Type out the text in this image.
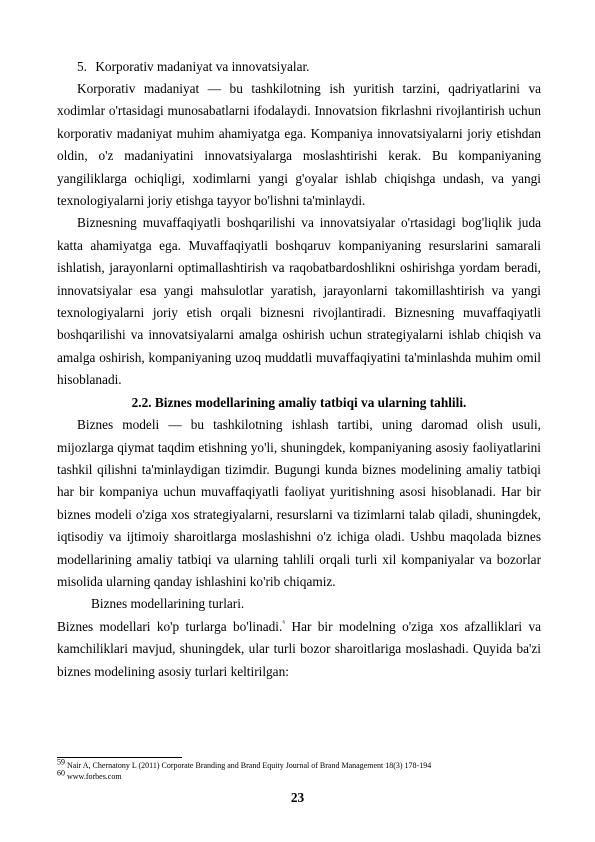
5. Korporativ madaniyat va innovatsiyalar.

Korporativ madaniyat — bu tashkilotning ish yuritish tarzini, qadriyatlarini va xodimlar o'rtasidagi munosabatlarni ifodalaydi. Innovatsion fikrlashni rivojlantirish uchun korporativ madaniyat muhim ahamiyatga ega. Kompaniya innovatsiyalarni joriy etishdan oldin, o'z madaniyatini innovatsiyalarga moslashtirishi kerak. Bu kompaniyaning yangiliklarga ochiqligi, xodimlarni yangi g'oyalar ishlab chiqishga undash, va yangi texnologiyalarni joriy etishga tayyor bo'lishni ta'minlaydi.

Biznesning muvaffaqiyatli boshqarilishi va innovatsiyalar o'rtasidagi bog'liqlik juda katta ahamiyatga ega. Muvaffaqiyatli boshqaruv kompaniyaning resurslarini samarali ishlatish, jarayonlarni optimallashtirish va raqobatbardoshlikni oshirishga yordam beradi, innovatsiyalar esa yangi mahsulotlar yaratish, jarayonlarni takomillashtirish va yangi texnologiyalarni joriy etish orqali biznesni rivojlantiradi. Biznesning muvaffaqiyatli boshqarilishi va innovatsiyalarni amalga oshirish uchun strategiyalarni ishlab chiqish va amalga oshirish, kompaniyaning uzoq muddatli muvaffaqiyatini ta'minlashda muhim omil hisoblanadi.

2.2. Biznes modellarining amaliy tatbiqi va ularning tahlili.

Biznes modeli — bu tashkilotning ishlash tartibi, uning daromad olish usuli, mijozlarga qiymat taqdim etishning yo'li, shuningdek, kompaniyaning asosiy faoliyatlarini tashkil qilishni ta'minlaydigan tizimdir. Bugungi kunda biznes modelining amaliy tatbiqi har bir kompaniya uchun muvaffaqiyatli faoliyat yuritishning asosi hisoblanadi. Har bir biznes modeli o'ziga xos strategiyalarni, resurslarni va tizimlarni talab qiladi, shuningdek, iqtisodiy va ijtimoiy sharoitlarga moslashishni o'z ichiga oladi. Ushbu maqolada biznes modellarining amaliy tatbiqi va ularning tahlili orqali turli xil kompaniyalar va bozorlar misolida ularning qanday ishlashini ko'rib chiqamiz.

Biznes modellarining turlari.

Biznes modellari ko'p turlarga bo'linadi.$^{^6}$ Har bir modelning o'ziga xos afzalliklari va kamchiliklari mavjud, shuningdek, ular turli bozor sharoitlariga moslashadi. Quyida ba'zi biznes modelining asosiy turlari keltirilgan:

$^{59}$ Nair A, Chernatony L (2011) Corporate Branding and Brand Equity Journal of Brand Management 18(3) 178-194

$^{60}$ www.forbes.com

23
